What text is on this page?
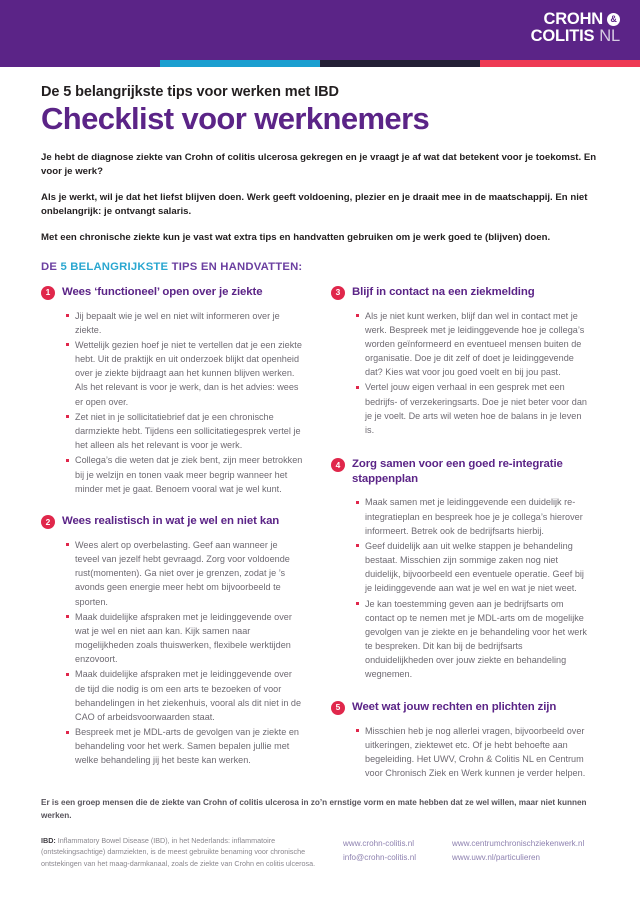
CROHN &
COLITIS NL

De 5 belangrijkste tips voor werken met IBD

Checklist voor werknemers

Je hebt de diagnose ziekte van Crohn of colitis ulcerosa gekregen en je vraagt je af wat dat betekent voor je toekomst. En voor je werk?

Als je werkt, wil je dat het liefst blijven doen. Werk geeft voldoening, plezier en je draait mee in de maatschappij. En niet onbelangrijk: je ontvangt salaris.

Met een chronische ziekte kun je vast wat extra tips en handvatten gebruiken om je werk goed te (blijven) doen.

DE 5 BELANGRIJKSTE TIPS EN HANDVATTEN:
1	Wees ‘functioneel’ open over je ziekte
Jij bepaalt wie je wel en niet wilt informeren over je ziekte.
Wettelijk gezien hoef je niet te vertellen dat je een ziekte hebt. Uit de praktijk en uit onderzoek blijkt dat openheid over je ziekte bijdraagt aan het kunnen blijven werken. Als het relevant is voor je werk, dan is het advies: wees er open over.
Zet niet in je sollicitatiebrief dat je een chronische darmziekte hebt. Tijdens een sollicitatiegesprek vertel je het alleen als het relevant is voor je werk.
Collega’s die weten dat je ziek bent, zijn meer betrokken bij je welzijn en tonen vaak meer begrip wanneer het minder met je gaat. Benoem vooral wat je wel kunt.
2	Wees realistisch in wat je wel en niet kan
Wees alert op overbelasting. Geef aan wanneer je teveel van jezelf hebt gevraagd. Zorg voor voldoende rust(momenten). Ga niet over je grenzen, zodat je ’s avonds geen energie meer hebt om bijvoorbeeld te sporten.
Maak duidelijke afspraken met je leidinggevende over wat je wel en niet aan kan. Kijk samen naar mogelijkheden zoals thuiswerken, flexibele werktijden enzovoort.
Maak duidelijke afspraken met je leidinggevende over de tijd die nodig is om een arts te bezoeken of voor behandelingen in het ziekenhuis, vooral als dit niet in de CAO of arbeidsvoorwaarden staat.
Bespreek met je MDL-arts de gevolgen van je ziekte en behandeling voor het werk. Samen bepalen jullie met welke behandeling jij het beste kan werken.
3	Blijf in contact na een ziekmelding
Als je niet kunt werken, blijf dan wel in contact met je werk. Bespreek met je leidinggevende hoe je collega’s worden geïnformeerd en eventueel mensen buiten de organisatie. Doe je dit zelf of doet je leidinggevende dat? Kies wat voor jou goed voelt en bij jou past.
Vertel jouw eigen verhaal in een gesprek met een bedrijfs- of verzekeringsarts. Doe je niet beter voor dan je je voelt. De arts wil weten hoe de balans in je leven is.
4	Zorg samen voor een goed re-integratie stappenplan
Maak samen met je leidinggevende een duidelijk re-integratieplan en bespreek hoe je je collega’s hierover informeert. Betrek ook de bedrijfsarts hierbij.
Geef duidelijk aan uit welke stappen je behandeling bestaat. Misschien zijn sommige zaken nog niet duidelijk, bijvoorbeeld een eventuele operatie. Geef bij je leidinggevende aan wat je wel en wat je niet weet.
Je kan toestemming geven aan je bedrijfsarts om contact op te nemen met je MDL-arts om de mogelijke gevolgen van je ziekte en je behandeling voor het werk te bespreken. Dit kan bij de bedrijfsarts onduidelijkheden over jouw ziekte en behandeling wegnemen.
5	Weet wat jouw rechten en plichten zijn
Misschien heb je nog allerlei vragen, bijvoorbeeld over uitkeringen, ziektewet etc. Of je hebt behoefte aan begeleiding. Het UWV, Crohn & Colitis NL en Centrum voor Chronisch Ziek en Werk kunnen je verder helpen.
Er is een groep mensen die de ziekte van Crohn of colitis ulcerosa in zo’n ernstige vorm en mate hebben dat ze wel willen, maar niet kunnen werken.
IBD: Inflammatory Bowel Disease (IBD), in het Nederlands: inflammatoire (ontstekingsachtige) darmziekten, is de meest gebruikte benaming voor chronische ontstekingen van het maag-darmkanaal, zoals de ziekte van Crohn en colitis ulcerosa.
www.crohn-colitis.nl
info@crohn-colitis.nl
www.centrumchronischziekenwerk.nl
www.uwv.nl/particulieren
